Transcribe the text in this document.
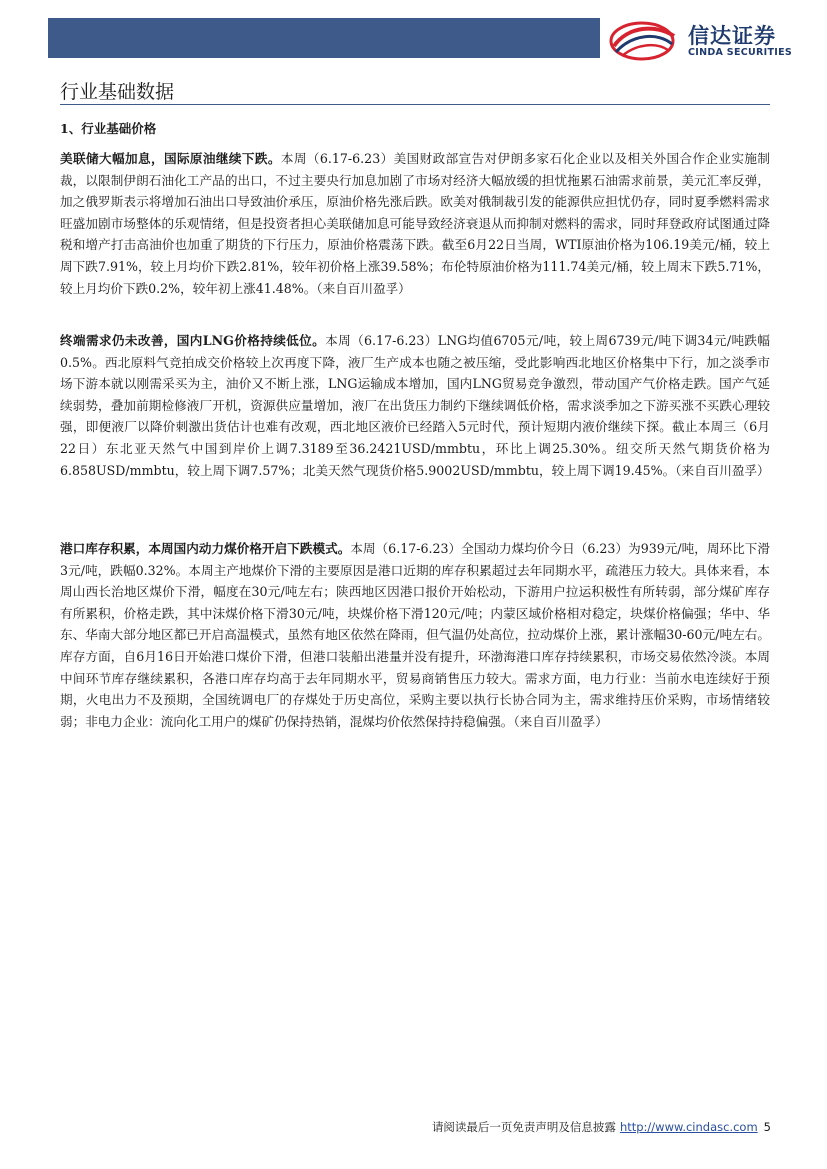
信达证券
CINDA SECURITIES
行业基础数据
1、行业基础价格

美联储大幅加息，国际原油继续下跌。本周（6.17-6.23）美国财政部宣告对伊朗多家石化企业以及相关外国合作企业实施制裁，以限制伊朗石油化工产品的出口，不过主要央行加息加剧了市场对经济大幅放缓的担忧拖累石油需求前景，美元汇率反弹，加之俄罗斯表示将增加石油出口导致油价承压，原油价格先涨后跌。欧美对俄制裁引发的能源供应担忧仍存，同时夏季燃料需求旺盛加剧市场整体的乐观情绪，但是投资者担心美联储加息可能导致经济衰退从而抑制对燃料的需求，同时拜登政府试图通过降税和增产打击高油价也加重了期货的下行压力，原油价格震荡下跌。截至6月22日当周，WTI原油价格为106.19美元/桶，较上周下跌7.91%，较上月均价下跌2.81%，较年初价格上涨39.58%；布伦特原油价格为111.74美元/桶，较上周末下跌5.71%，较上月均价下跌0.2%，较年初上涨41.48%。（来自百川盈孚）

终端需求仍未改善，国内LNG价格持续低位。本周（6.17-6.23）LNG均值6705元/吨，较上周6739元/吨下调34元/吨跌幅0.5%。西北原料气竞拍成交价格较上次再度下降，液厂生产成本也随之被压缩，受此影响西北地区价格集中下行，加之淡季市场下游本就以刚需采买为主，油价又不断上涨，LNG运输成本增加，国内LNG贸易竞争激烈，带动国产气价格走跌。国产气延续弱势，叠加前期检修液厂开机，资源供应量增加，液厂在出货压力制约下继续调低价格，需求淡季加之下游买涨不买跌心理较强，即便液厂以降价刺激出货估计也难有改观，西北地区液价已经踏入5元时代，预计短期内液价继续下探。截止本周三（6月22日）东北亚天然气中国到岸价上调7.3189至36.2421USD/mmbtu，环比上调25.30%。纽交所天然气期货价格为6.858USD/mmbtu，较上周下调7.57%；北美天然气现货价格5.9002USD/mmbtu，较上周下调19.45%。（来自百川盈孚）

港口库存积累，本周国内动力煤价格开启下跌模式。本周（6.17-6.23）全国动力煤均价今日（6.23）为939元/吨，周环比下滑3元/吨，跌幅0.32%。本周主产地煤价下滑的主要原因是港口近期的库存积累超过去年同期水平，疏港压力较大。具体来看，本周山西长治地区煤价下滑，幅度在30元/吨左右；陕西地区因港口报价开始松动，下游用户拉运积极性有所转弱，部分煤矿库存有所累积，价格走跌，其中沫煤价格下滑30元/吨，块煤价格下滑120元/吨；内蒙区域价格相对稳定，块煤价格偏强；华中、华东、华南大部分地区都已开启高温模式，虽然有地区依然在降雨，但气温仍处高位，拉动煤价上涨，累计涨幅30-60元/吨左右。库存方面，自6月16日开始港口煤价下滑，但港口装船出港量并没有提升，环渤海港口库存持续累积，市场交易依然冷淡。本周中间环节库存继续累积，各港口库存均高于去年同期水平，贸易商销售压力较大。需求方面，电力行业：当前水电连续好于预期，火电出力不及预期，全国统调电厂的存煤处于历史高位，采购主要以执行长协合同为主，需求维持压价采购，市场情绪较弱；非电力企业：流向化工用户的煤矿仍保持热销，混煤均价依然保持持稳偏强。（来自百川盈孚）

请阅读最后一页免责声明及信息披露 http://www.cindasc.com 5
